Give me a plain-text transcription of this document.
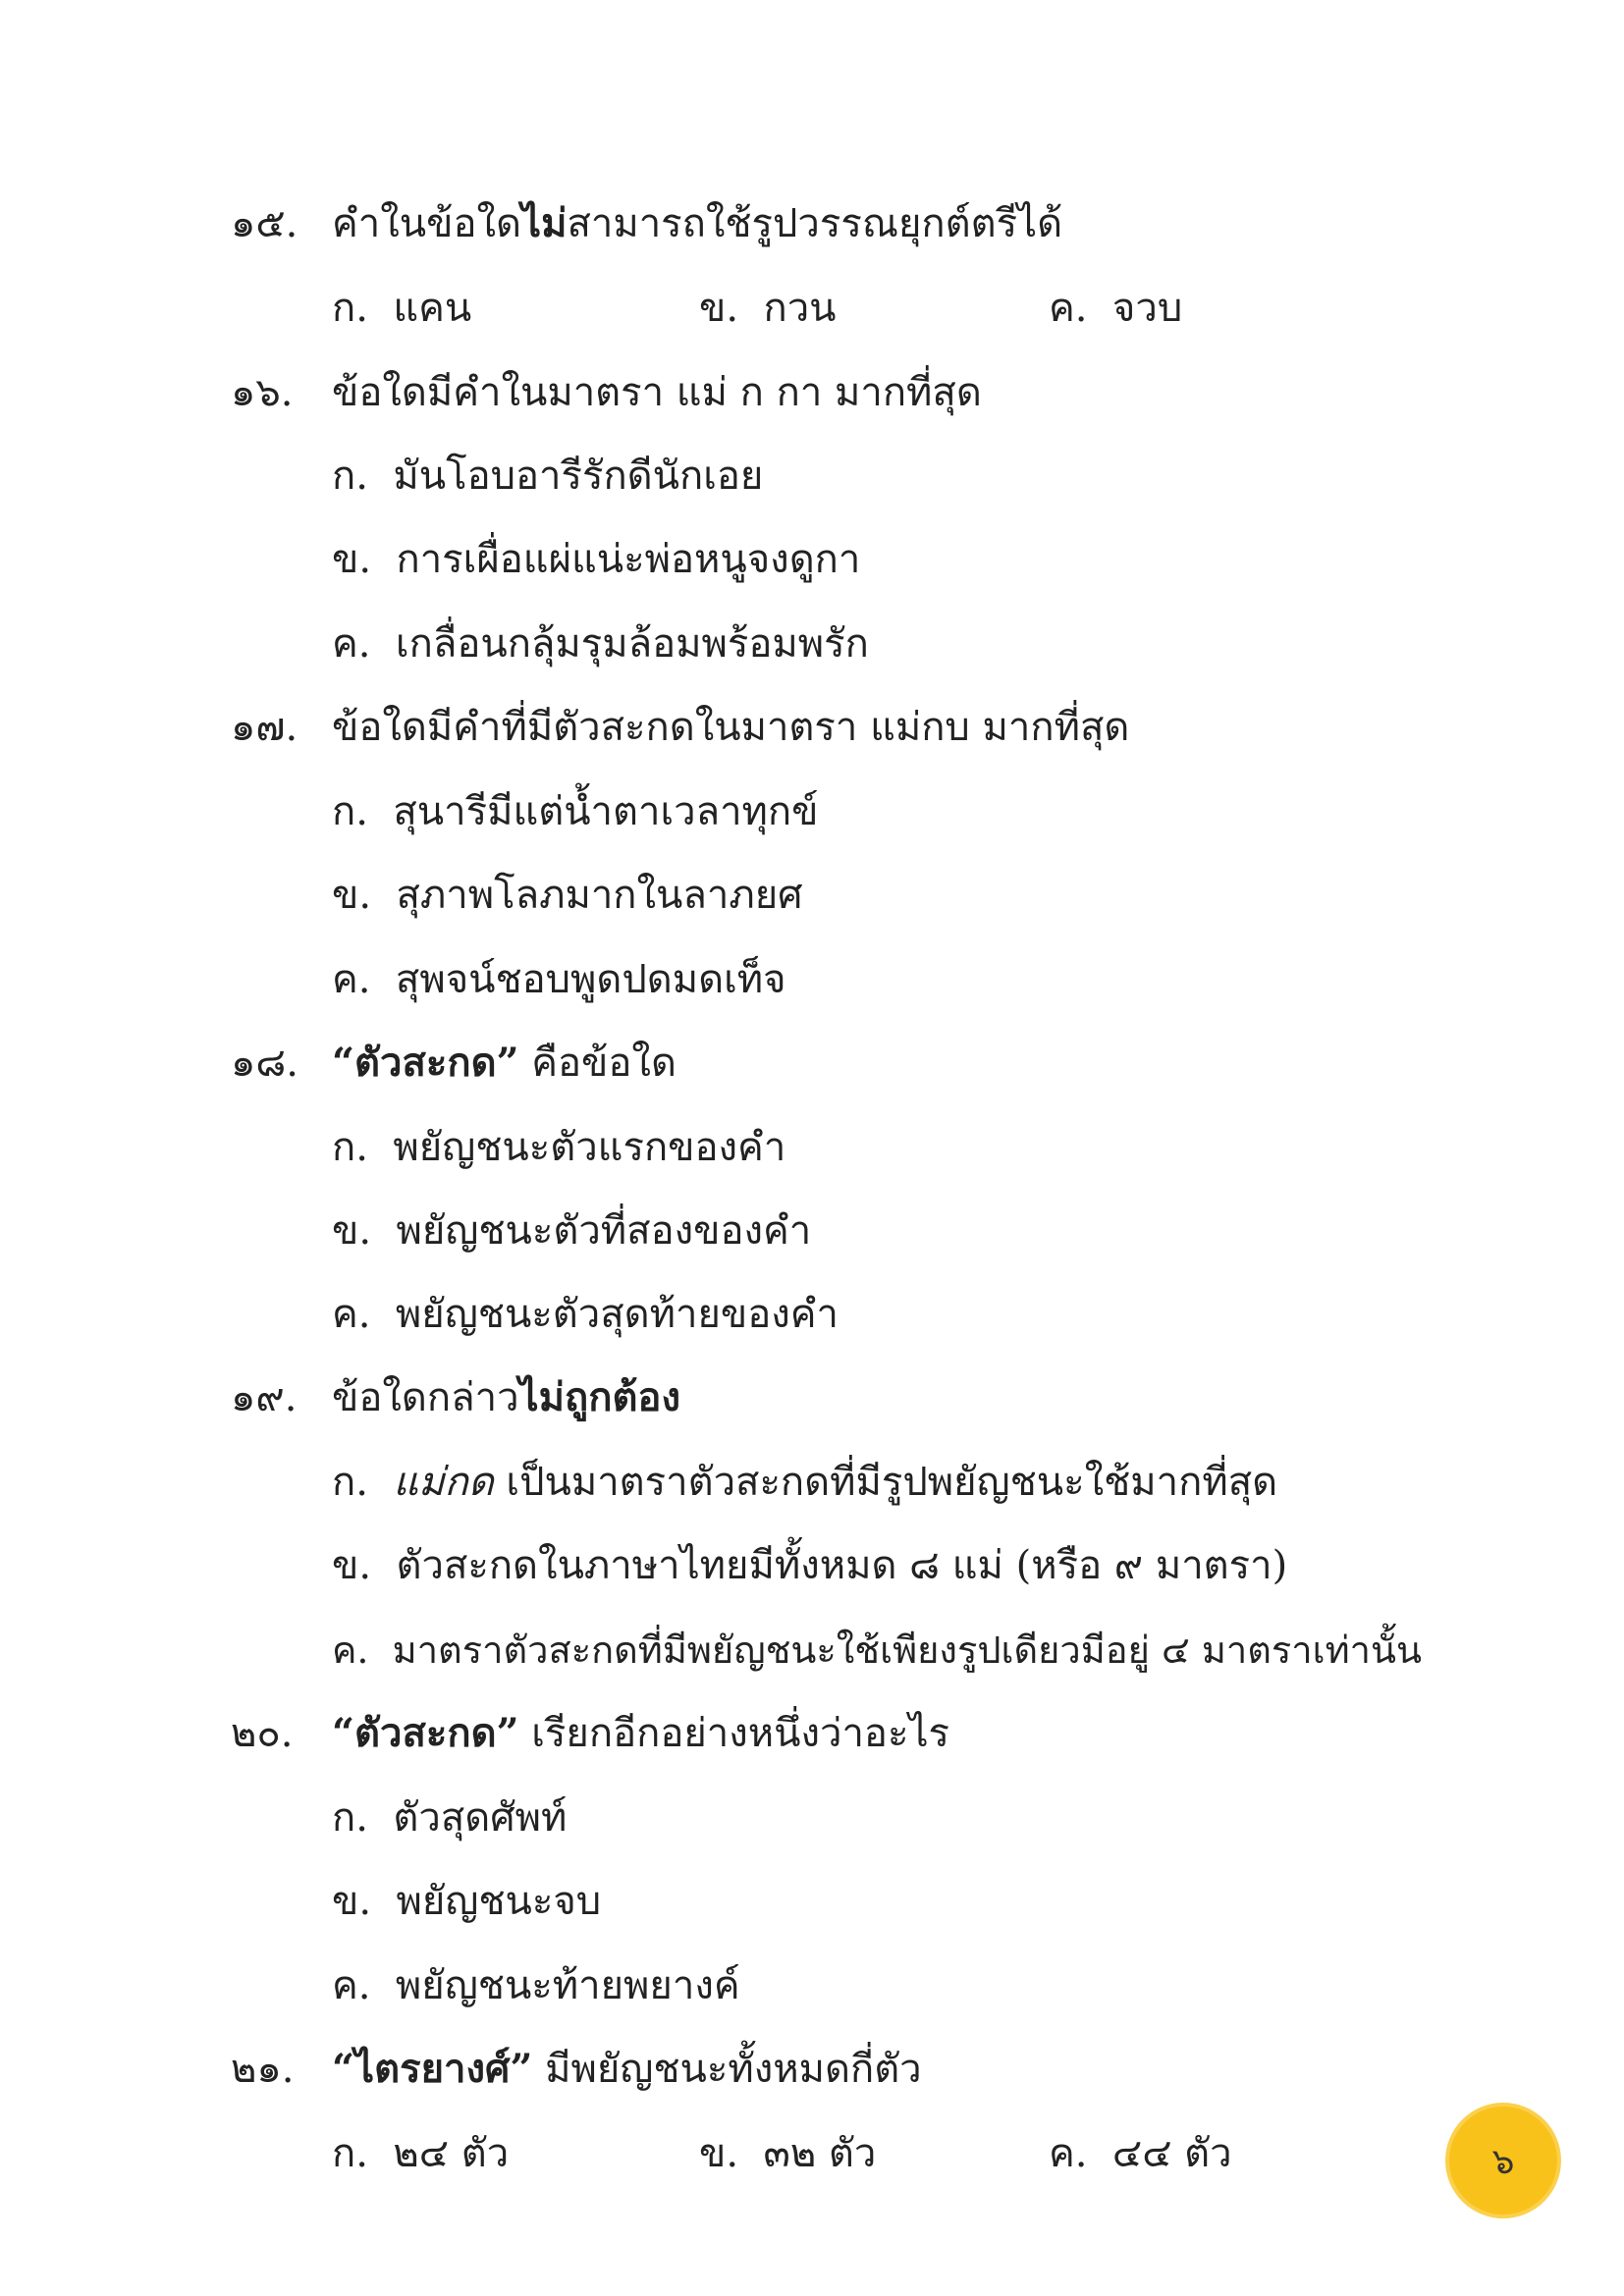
๑๕. คำในข้อใดไม่สามารถใช้รูปวรรณยุกต์ตรีได้
ก. แคน	ข. กวน	ค. จวบ
๑๖. ข้อใดมีคำในมาตรา แม่ ก กา มากที่สุด
ก. มันโอบอารีรักดีนักเอย
ข. การเผื่อแผ่แน่ะพ่อหนูจงดูกา
ค. เกลื่อนกลุ้มรุมล้อมพร้อมพรัก
๑๗. ข้อใดมีคำที่มีตัวสะกดในมาตรา แม่กบ มากที่สุด
ก. สุนารีมีแต่น้ำตาเวลาทุกข์
ข. สุภาพโลภมากในลาภยศ
ค. สุพจน์ชอบพูดปดมดเท็จ
๑๘. “ตัวสะกด” คือข้อใด
ก. พยัญชนะตัวแรกของคำ
ข. พยัญชนะตัวที่สองของคำ
ค. พยัญชนะตัวสุดท้ายของคำ
๑๙. ข้อใดกล่าวไม่ถูกต้อง
ก. แม่กด เป็นมาตราตัวสะกดที่มีรูปพยัญชนะใช้มากที่สุด
ข. ตัวสะกดในภาษาไทยมีทั้งหมด ๘ แม่ (หรือ ๙ มาตรา)
ค. มาตราตัวสะกดที่มีพยัญชนะใช้เพียงรูปเดียวมีอยู่ ๔ มาตราเท่านั้น
๒๐. “ตัวสะกด” เรียกอีกอย่างหนึ่งว่าอะไร
ก. ตัวสุดศัพท์
ข. พยัญชนะจบ
ค. พยัญชนะท้ายพยางค์
๒๑. “ไตรยางศ์” มีพยัญชนะทั้งหมดกี่ตัว
ก. ๒๔ ตัว	ข. ๓๒ ตัว	ค. ๔๔ ตัว	๖
